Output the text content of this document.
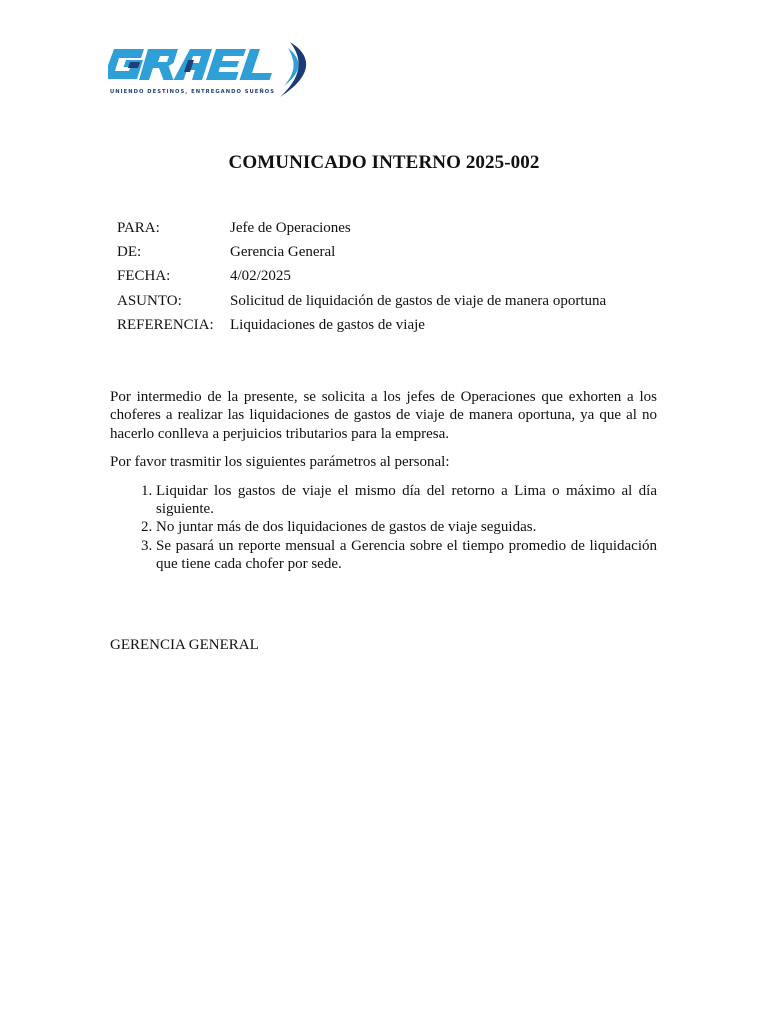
UNIENDO DESTINOS, ENTREGANDO SUEÑOS
COMUNICADO INTERNO 2025-002
PARA:	Jefe de Operaciones
DE:	Gerencia General
FECHA:	4/02/2025
ASUNTO:	Solicitud de liquidación de gastos de viaje de manera oportuna
REFERENCIA:	Liquidaciones de gastos de viaje

Por intermedio de la presente, se solicita a los jefes de Operaciones que exhorten a los choferes a realizar las liquidaciones de gastos de viaje de manera oportuna, ya que al no hacerlo conlleva a perjuicios tributarios para la empresa.

Por favor trasmitir los siguientes parámetros al personal:

1. Liquidar los gastos de viaje el mismo día del retorno a Lima o máximo al día siguiente.
2. No juntar más de dos liquidaciones de gastos de viaje seguidas.
3. Se pasará un reporte mensual a Gerencia sobre el tiempo promedio de liquidación que tiene cada chofer por sede.
GERENCIA GENERAL
